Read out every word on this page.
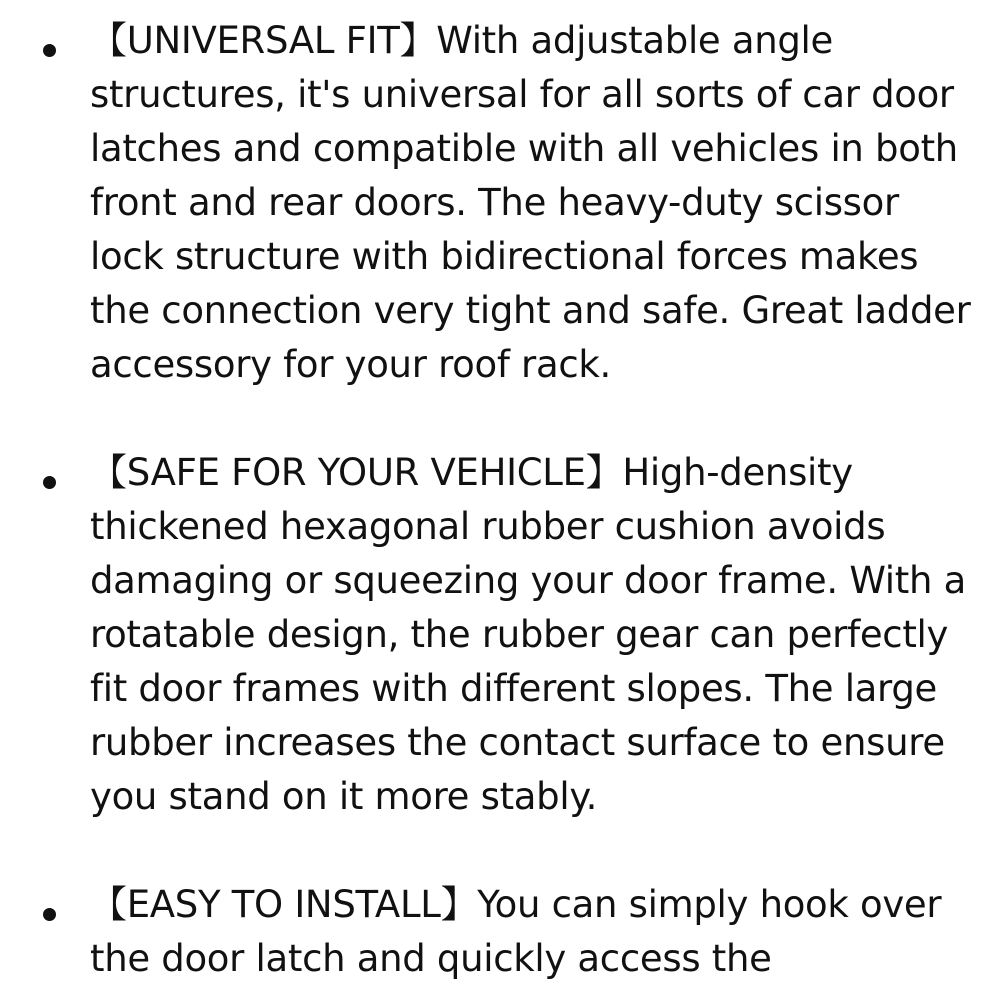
【UNIVERSAL FIT】With adjustable angle structures, it's universal for all sorts of car door latches and compatible with all vehicles in both front and rear doors. The heavy-duty scissor lock structure with bidirectional forces makes the connection very tight and safe. Great ladder accessory for your roof rack.

【SAFE FOR YOUR VEHICLE】High-density thickened hexagonal rubber cushion avoids damaging or squeezing your door frame. With a rotatable design, the rubber gear can perfectly fit door frames with different slopes. The large rubber increases the contact surface to ensure you stand on it more stably.

【EASY TO INSTALL】You can simply hook over the door latch and quickly access the
